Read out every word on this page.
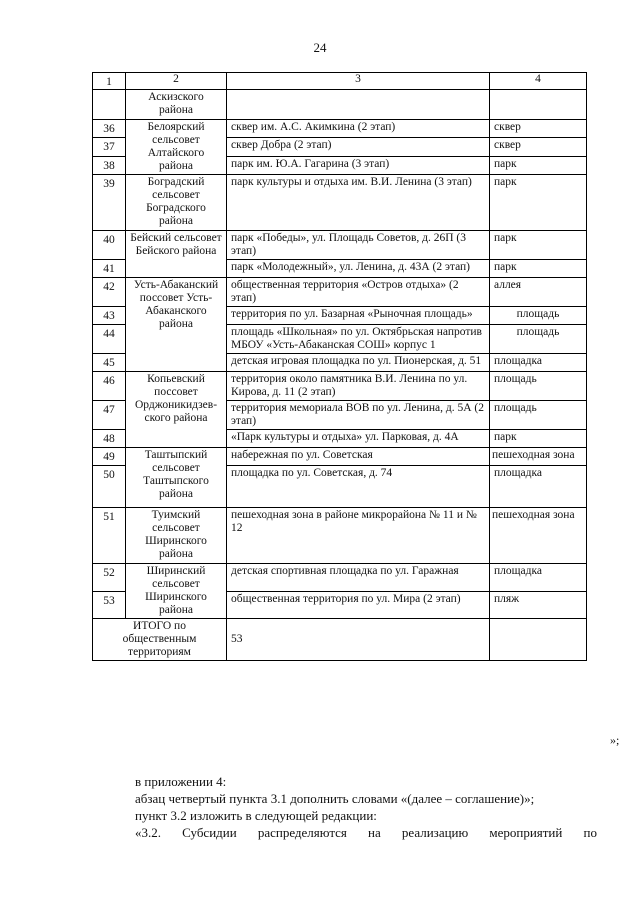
24
1	2	3	4
	Аскизского района		
36	Белоярский сельсовет Алтайского района	сквер им. А.С. Акимкина (2 этап)	сквер
37		сквер Добра (2 этап)	сквер
38		парк им. Ю.А. Гагарина (3 этап)	парк
39	Боградский сельсовет Боградского района	парк культуры и отдыха им. В.И. Ленина (3 этап)	парк
40	Бейский сельсовет Бейского района	парк «Победы», ул. Площадь Советов, д. 26П (3 этап)	парк
41		парк «Молодежный», ул. Ленина, д. 43А (2 этап)	парк
42	Усть-Абаканский поссовет Усть-Абаканского района	общественная территория «Остров отдыха» (2 этап)	аллея
43		территория по ул. Базарная «Рыночная площадь»	площадь
44		площадь «Школьная» по ул. Октябрьская напротив МБОУ «Усть-Абаканская СОШ» корпус 1	площадь
45		детская игровая площадка по ул. Пионерская, д. 51	площадка
46	Копьевский поссовет Орджоникидзев-ского района	территория около памятника В.И. Ленина по ул. Кирова, д. 11 (2 этап)	площадь
47		территория мемориала ВОВ по ул. Ленина, д. 5А (2 этап)	площадь
48		«Парк культуры и отдыха» ул. Парковая, д. 4А	парк
49	Таштыпский сельсовет Таштыпского района	набережная по ул. Советская	пешеходная зона
50		площадка по ул. Советская, д. 74	площадка
51	Туимский сельсовет Ширинского района	пешеходная зона в районе микрорайона № 11 и № 12	пешеходная зона
52	Ширинский сельсовет Ширинского района	детская спортивная площадка по ул. Гаражная	площадка
53		общественная территория по ул. Мира (2 этап)	пляж
ИТОГО по общественным территориям		53	
»;
в приложении 4:
абзац четвертый пункта 3.1 дополнить словами «(далее – соглашение)»;
пункт 3.2 изложить в следующей редакции:
«3.2. Субсидии распределяются на реализацию мероприятий по
